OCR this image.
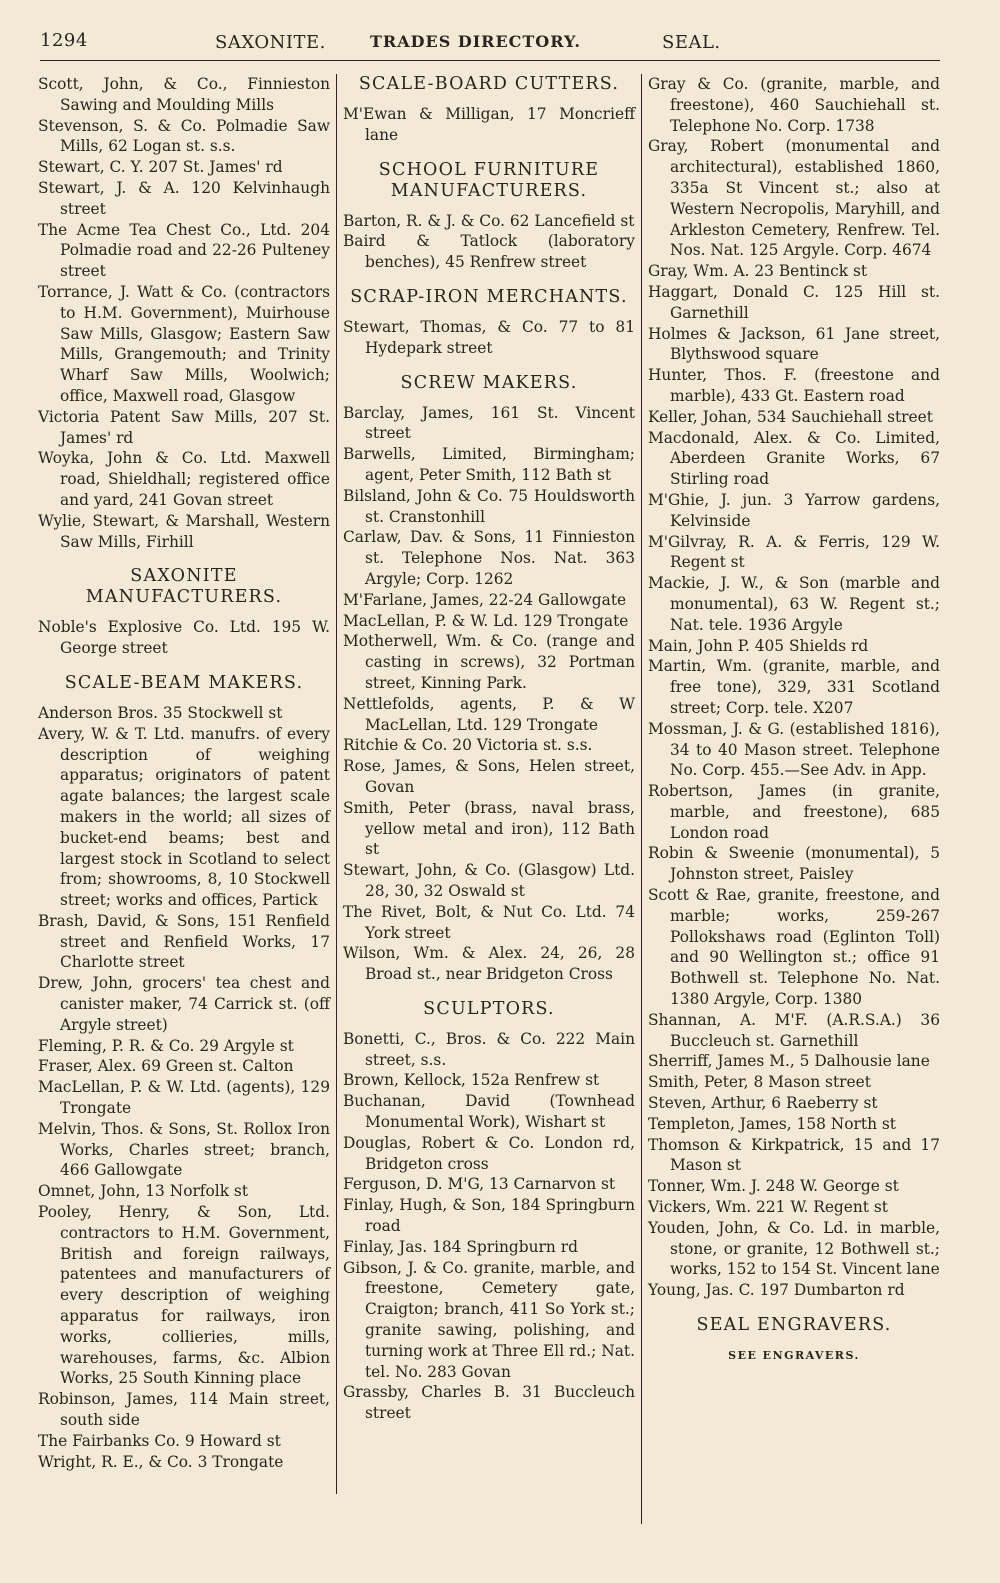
1294	SAXONITE.	TRADES DIRECTORY.	SEAL.
Scott, John, & Co., Finnieston Sawing and Moulding Mills
Stevenson, S. & Co. Polmadie Saw Mills, 62 Logan st. s.s.
Stewart, C. Y. 207 St. James' rd
Stewart, J. & A. 120 Kelvinhaugh street
The Acme Tea Chest Co., Ltd. 204 Polmadie road and 22-26 Pulteney street
Torrance, J. Watt & Co. (contractors to H.M. Government), Muirhouse Saw Mills, Glasgow; Eastern Saw Mills, Grangemouth; and Trinity Wharf Saw Mills, Woolwich; office, Maxwell road, Glasgow
Victoria Patent Saw Mills, 207 St. James' rd
Woyka, John & Co. Ltd. Maxwell road, Shieldhall; registered office and yard, 241 Govan street
Wylie, Stewart, & Marshall, Western Saw Mills, Firhill
SAXONITE MANUFACTURERS.
Noble's Explosive Co. Ltd. 195 W. George street
SCALE-BEAM MAKERS.
Anderson Bros. 35 Stockwell st
Avery, W. & T. Ltd. manufrs. of every description of weighing apparatus; originators of patent agate balances; the largest scale makers in the world; all sizes of bucket-end beams; best and largest stock in Scotland to select from; showrooms, 8, 10 Stockwell street; works and offices, Partick
Brash, David, & Sons, 151 Renfield street and Renfield Works, 17 Charlotte street
Drew, John, grocers' tea chest and canister maker, 74 Carrick st. (off Argyle street)
Fleming, P. R. & Co. 29 Argyle st
Fraser, Alex. 69 Green st. Calton
MacLellan, P. & W. Ltd. (agents), 129 Trongate
Melvin, Thos. & Sons, St. Rollox Iron Works, Charles street; branch, 466 Gallowgate
Omnet, John, 13 Norfolk st
Pooley, Henry, & Son, Ltd. contractors to H.M. Government, British and foreign railways, patentees and manufacturers of every description of weighing apparatus for railways, iron works, collieries, mills, warehouses, farms, &c. Albion Works, 25 South Kinning place
Robinson, James, 114 Main street, south side
The Fairbanks Co. 9 Howard st
Wright, R. E., & Co. 3 Trongate
SCALE-BOARD CUTTERS.
M'Ewan & Milligan, 17 Moncrieff lane
SCHOOL FURNITURE MANUFACTURERS.
Barton, R. & J. & Co. 62 Lancefield st
Baird & Tatlock (laboratory benches), 45 Renfrew street
SCRAP-IRON MERCHANTS.
Stewart, Thomas, & Co. 77 to 81 Hydepark street
SCREW MAKERS.
Barclay, James, 161 St. Vincent street
Barwells, Limited, Birmingham; agent, Peter Smith, 112 Bath st
Bilsland, John & Co. 75 Houldsworth st. Cranstonhill
Carlaw, Dav. & Sons, 11 Finnieston st. Telephone Nos. Nat. 363 Argyle; Corp. 1262
M'Farlane, James, 22-24 Gallowgate
MacLellan, P. & W. Ld. 129 Trongate
Motherwell, Wm. & Co. (range and casting in screws), 32 Portman street, Kinning Park.
Nettlefolds, agents, P. & W MacLellan, Ltd. 129 Trongate
Ritchie & Co. 20 Victoria st. s.s.
Rose, James, & Sons, Helen street, Govan
Smith, Peter (brass, naval brass, yellow metal and iron), 112 Bath st
Stewart, John, & Co. (Glasgow) Ltd. 28, 30, 32 Oswald st
The Rivet, Bolt, & Nut Co. Ltd. 74 York street
Wilson, Wm. & Alex. 24, 26, 28 Broad st., near Bridgeton Cross
SCULPTORS.
Bonetti, C., Bros. & Co. 222 Main street, s.s.
Brown, Kellock, 152a Renfrew st
Buchanan, David (Townhead Monumental Work), Wishart st
Douglas, Robert & Co. London rd, Bridgeton cross
Ferguson, D. M'G, 13 Carnarvon st
Finlay, Hugh, & Son, 184 Springburn road
Finlay, Jas. 184 Springburn rd
Gibson, J. & Co. granite, marble, and freestone, Cemetery gate, Craigton; branch, 411 So York st.; granite sawing, polishing, and turning work at Three Ell rd.; Nat. tel. No. 283 Govan
Grassby, Charles B. 31 Buccleuch street
Gray & Co. (granite, marble, and freestone), 460 Sauchiehall st. Telephone No. Corp. 1738
Gray, Robert (monumental and architectural), established 1860, 335a St Vincent st.; also at Western Necropolis, Maryhill, and Arkleston Cemetery, Renfrew. Tel. Nos. Nat. 125 Argyle. Corp. 4674
Gray, Wm. A. 23 Bentinck st
Haggart, Donald C. 125 Hill st. Garnethill
Holmes & Jackson, 61 Jane street, Blythswood square
Hunter, Thos. F. (freestone and marble), 433 Gt. Eastern road
Keller, Johan, 534 Sauchiehall street
Macdonald, Alex. & Co. Limited, Aberdeen Granite Works, 67 Stirling road
M'Ghie, J. jun. 3 Yarrow gardens, Kelvinside
M'Gilvray, R. A. & Ferris, 129 W. Regent st
Mackie, J. W., & Son (marble and monumental), 63 W. Regent st.; Nat. tele. 1936 Argyle
Main, John P. 405 Shields rd
Martin, Wm. (granite, marble, and free tone), 329, 331 Scotland street; Corp. tele. X207
Mossman, J. & G. (established 1816), 34 to 40 Mason street. Telephone No. Corp. 455.—See Adv. in App.
Robertson, James (in granite, marble, and freestone), 685 London road
Robin & Sweenie (monumental), 5 Johnston street, Paisley
Scott & Rae, granite, freestone, and marble; works, 259-267 Pollokshaws road (Eglinton Toll) and 90 Wellington st.; office 91 Bothwell st. Telephone No. Nat. 1380 Argyle, Corp. 1380
Shannan, A. M'F. (A.R.S.A.) 36 Buccleuch st. Garnethill
Sherriff, James M., 5 Dalhousie lane
Smith, Peter, 8 Mason street
Steven, Arthur, 6 Raeberry st
Templeton, James, 158 North st
Thomson & Kirkpatrick, 15 and 17 Mason st
Tonner, Wm. J. 248 W. George st
Vickers, Wm. 221 W. Regent st
Youden, John, & Co. Ld. in marble, stone, or granite, 12 Bothwell st.; works, 152 to 154 St. Vincent lane
Young, Jas. C. 197 Dumbarton rd
SEAL ENGRAVERS.
SEE ENGRAVERS.
